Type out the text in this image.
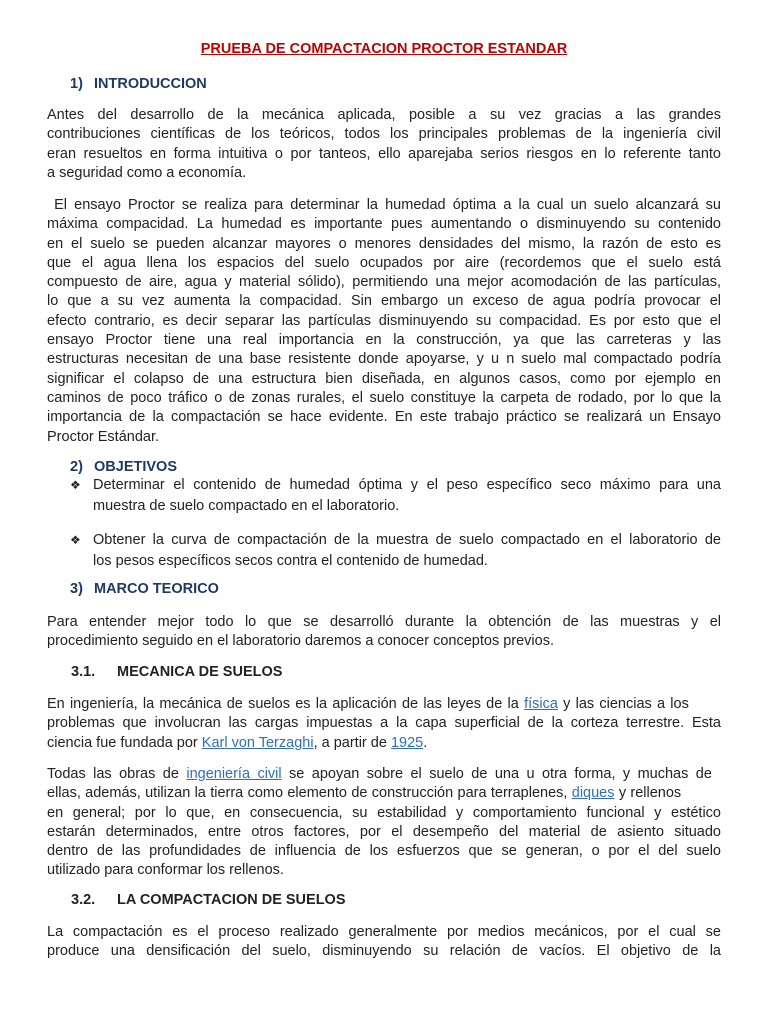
PRUEBA DE COMPACTACION PROCTOR ESTANDAR
1) INTRODUCCION
Antes del desarrollo de la mecánica aplicada, posible a su vez gracias a las grandes
contribuciones científicas de los teóricos, todos los principales problemas de la ingeniería civil
eran resueltos en forma intuitiva o por tanteos, ello aparejaba serios riesgos en lo referente tanto
a seguridad como a economía.
El ensayo Proctor se realiza para determinar la humedad óptima a la cual un suelo alcanzará su
máxima compacidad. La humedad es importante pues aumentando o disminuyendo su contenido
en el suelo se pueden alcanzar mayores o menores densidades del mismo, la razón de esto es
que el agua llena los espacios del suelo ocupados por aire (recordemos que el suelo está
compuesto de aire, agua y material sólido), permitiendo una mejor acomodación de las partículas,
lo que a su vez aumenta la compacidad. Sin embargo un exceso de agua podría provocar el
efecto contrario, es decir separar las partículas disminuyendo su compacidad. Es por esto que el
ensayo Proctor tiene una real importancia en la construcción, ya que las carreteras y las
estructuras necesitan de una base resistente donde apoyarse, y u n suelo mal compactado podría
significar el colapso de una estructura bien diseñada, en algunos casos, como por ejemplo en
caminos de poco tráfico o de zonas rurales, el suelo constituye la carpeta de rodado, por lo que la
importancia de la compactación se hace evidente. En este trabajo práctico se realizará un Ensayo
Proctor Estándar.
2) OBJETIVOS
❖ Determinar el contenido de humedad óptima y el peso específico seco máximo para una
muestra de suelo compactado en el laboratorio.
❖ Obtener la curva de compactación de la muestra de suelo compactado en el laboratorio de
los pesos específicos secos contra el contenido de humedad.
3) MARCO TEORICO
Para entender mejor todo lo que se desarrolló durante la obtención de las muestras y el
procedimiento seguido en el laboratorio daremos a conocer conceptos previos.
3.1. MECANICA DE SUELOS
En ingeniería, la mecánica de suelos es la aplicación de las leyes de la física y las ciencias a los
problemas que involucran las cargas impuestas a la capa superficial de la corteza terrestre. Esta
ciencia fue fundada por Karl von Terzaghi, a partir de 1925.
Todas las obras de ingeniería civil se apoyan sobre el suelo de una u otra forma, y muchas de
ellas, además, utilizan la tierra como elemento de construcción para terraplenes, diques y rellenos
en general; por lo que, en consecuencia, su estabilidad y comportamiento funcional y estético
estarán determinados, entre otros factores, por el desempeño del material de asiento situado
dentro de las profundidades de influencia de los esfuerzos que se generan, o por el del suelo
utilizado para conformar los rellenos.
3.2. LA COMPACTACION DE SUELOS
La compactación es el proceso realizado generalmente por medios mecánicos, por el cual se
produce una densificación del suelo, disminuyendo su relación de vacíos. El objetivo de la
